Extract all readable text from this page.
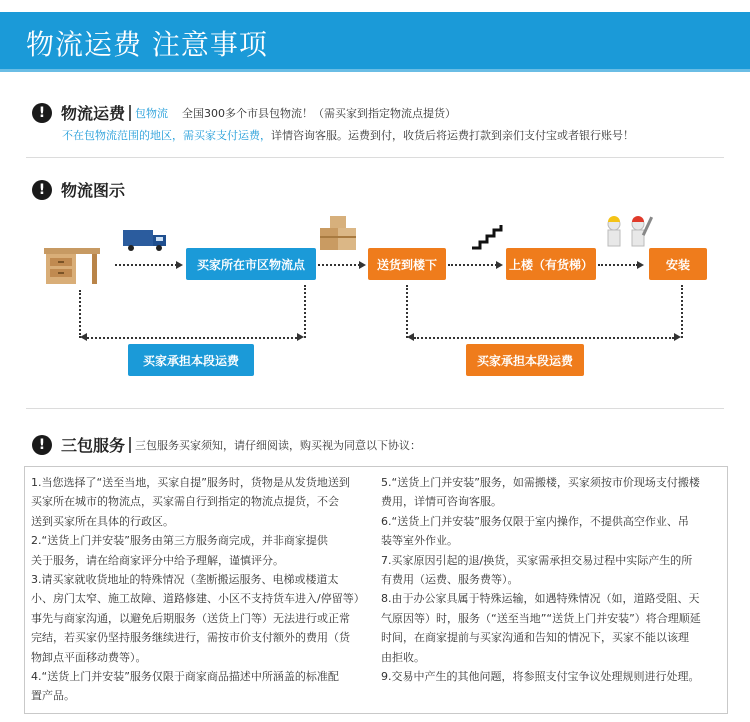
物流运费 注意事项
! 物流运费 包物流 全国300多个市县包物流！（需买家到指定物流点提货）
不在包物流范围的地区，需买家支付运费，详情咨询客服。运费到付，收货后将运费打款到亲们支付宝或者银行账号！
! 物流图示
买家所在市区物流点	送货到楼下	上楼（有货梯）	安装
买家承担本段运费	买家承担本段运费
! 三包服务 三包服务买家须知，请仔细阅读，购买视为同意以下协议：

1.当您选择了“送至当地，买家自提”服务时，货物是从发货地送到

买家所在城市的物流点，买家需自行到指定的物流点提货，不会

送到买家所在具体的行政区。

2.“送货上门并安装”服务由第三方服务商完成，并非商家提供

关于服务，请在给商家评分中给予理解，谨慎评分。

3.请买家就收货地址的特殊情况（垄断搬运服务、电梯或楼道太

小、房门太窄、施工故障、道路修建、小区不支持货车进入/停留等）

事先与商家沟通，以避免后期服务（送货上门等）无法进行或正常

完结，若买家仍坚持服务继续进行，需按市价支付额外的费用（货

物卸点平面移动费等）。

4.“送货上门并安装”服务仅限于商家商品描述中所涵盖的标准配

置产品。

5.“送货上门并安装”服务，如需搬楼，买家须按市价现场支付搬楼

费用，详情可咨询客服。

6.“送货上门并安装”服务仅限于室内操作，不提供高空作业、吊

装等室外作业。

7.买家原因引起的退/换货，买家需承担交易过程中实际产生的所

有费用（运费、服务费等）。

8.由于办公家具属于特殊运输，如遇特殊情况（如，道路受阻、天

气原因等）时，服务（“送至当地”“送货上门并安装”）将合理顺延

时间，在商家提前与买家沟通和告知的情况下，买家不能以该理

由拒收。

9.交易中产生的其他问题，将参照支付宝争议处理规则进行处理。
